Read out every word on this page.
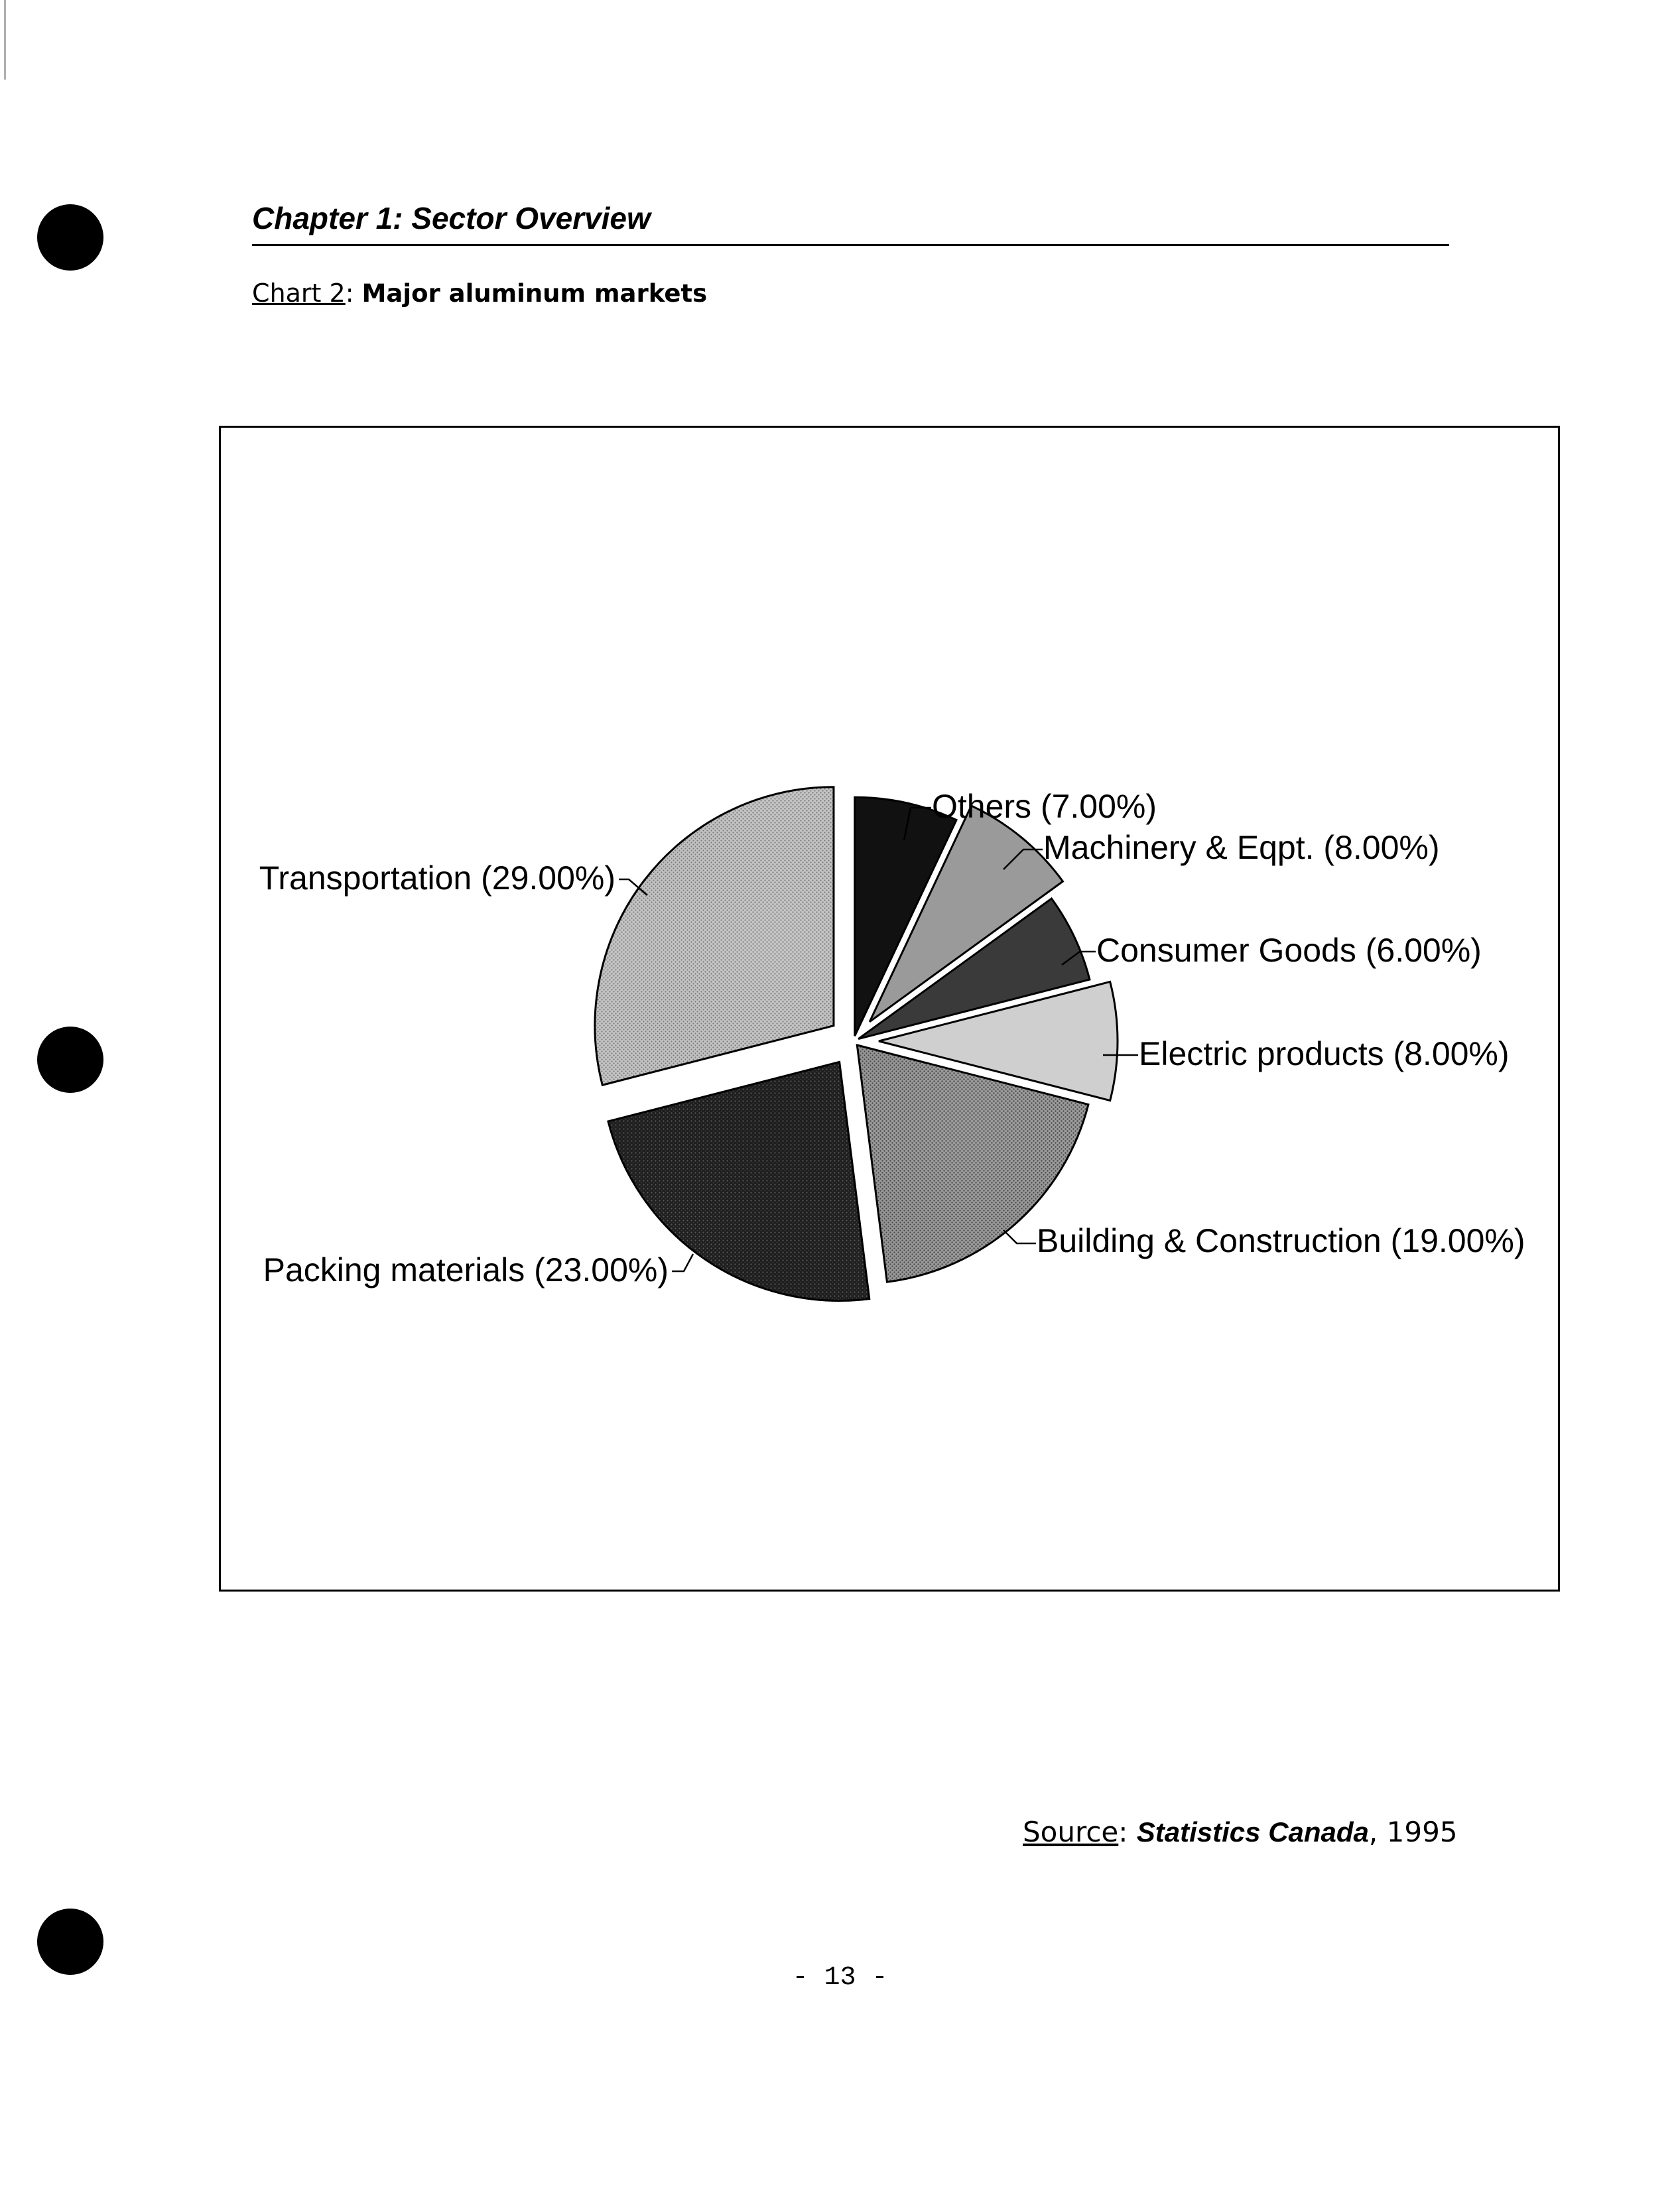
Chapter 1: Sector Overview
Chart 2: Major aluminum markets
Others (7.00%)
Machinery & Eqpt. (8.00%)
Consumer Goods (6.00%)
Electric products (8.00%)
Building & Construction (19.00%)
Packing materials (23.00%)
Transportation (29.00%)
Source: Statistics Canada, 1995
- 13 -
